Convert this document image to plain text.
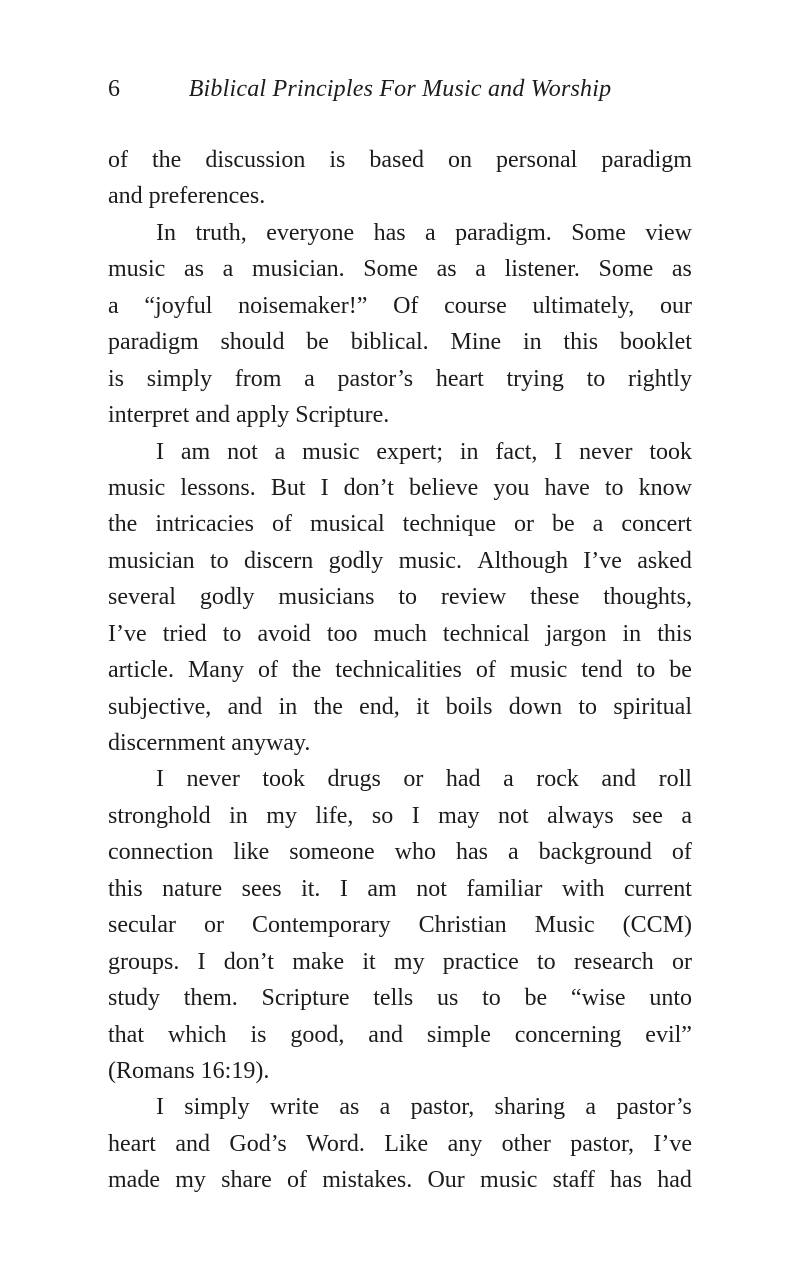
6	Biblical Principles For Music and Worship
of the discussion is based on personal paradigm
and preferences.
In truth, everyone has a paradigm. Some view
music as a musician. Some as a listener. Some as
a “joyful noisemaker!” Of course ultimately, our
paradigm should be biblical. Mine in this booklet
is simply from a pastor’s heart trying to rightly
interpret and apply Scripture.
I am not a music expert; in fact, I never took
music lessons. But I don’t believe you have to know
the intricacies of musical technique or be a concert
musician to discern godly music. Although I’ve asked
several godly musicians to review these thoughts,
I’ve tried to avoid too much technical jargon in this
article. Many of the technicalities of music tend to be
subjective, and in the end, it boils down to spiritual
discernment anyway.
I never took drugs or had a rock and roll
stronghold in my life, so I may not always see a
connection like someone who has a background of
this nature sees it. I am not familiar with current
secular or Contemporary Christian Music (CCM)
groups. I don’t make it my practice to research or
study them. Scripture tells us to be “wise unto
that which is good, and simple concerning evil”
(Romans 16:19).
I simply write as a pastor, sharing a pastor’s
heart and God’s Word. Like any other pastor, I’ve
made my share of mistakes. Our music staff has had
